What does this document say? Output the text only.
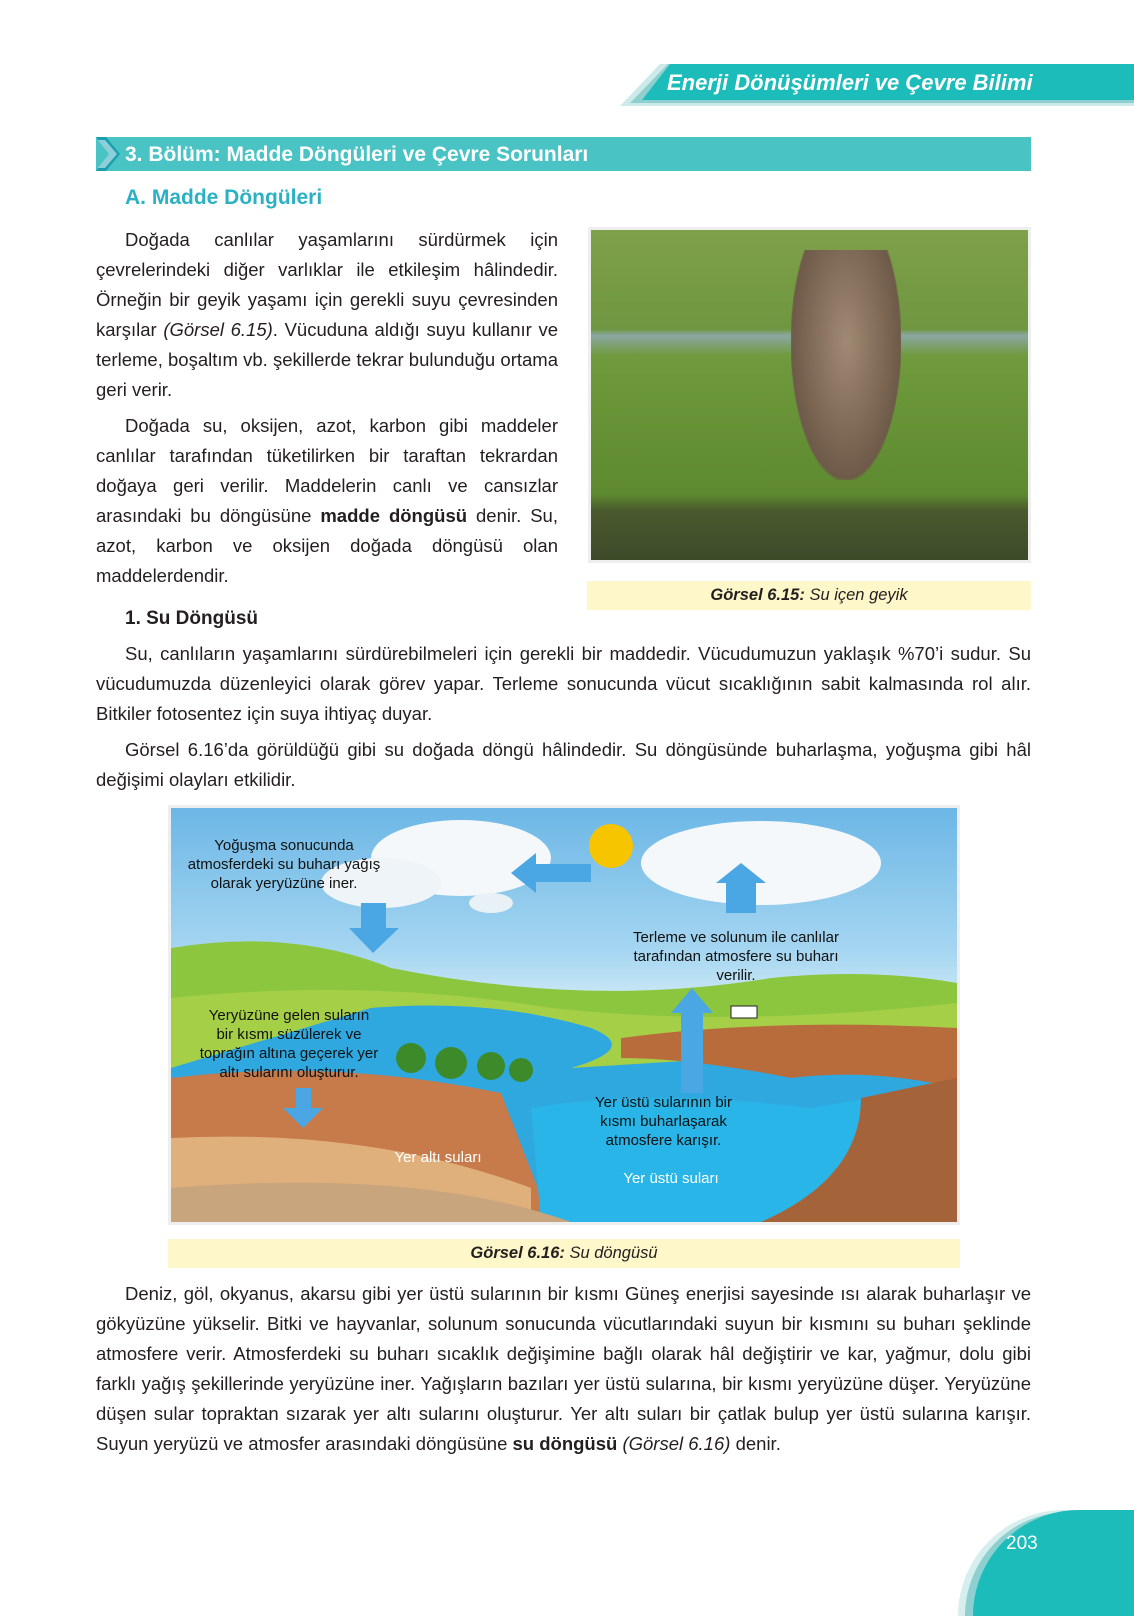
Enerji Dönüşümleri ve Çevre Bilimi
3. Bölüm: Madde Döngüleri ve Çevre Sorunları
A. Madde Döngüleri

Doğada canlılar yaşamlarını sürdürmek için çevrelerindeki diğer varlıklar ile etkileşim hâlindedir. Örneğin bir geyik yaşamı için gerekli suyu çevresinden karşılar (Görsel 6.15). Vücuduna aldığı suyu kullanır ve terleme, boşaltım vb. şekillerde tekrar bulunduğu ortama geri verir.

Doğada su, oksijen, azot, karbon gibi maddeler canlılar tarafından tüketilirken bir taraftan tekrardan doğaya geri verilir. Maddelerin canlı ve cansızlar arasındaki bu döngüsüne madde döngüsü denir. Su, azot, karbon ve oksijen doğada döngüsü olan maddelerdendir.

Görsel 6.15: Su içen geyik
1. Su Döngüsü

Su, canlıların yaşamlarını sürdürebilmeleri için gerekli bir maddedir. Vücudumuzun yaklaşık %70’i sudur. Su vücudumuzda düzenleyici olarak görev yapar. Terleme sonucunda vücut sıcaklığının sabit kalmasında rol alır. Bitkiler fotosentez için suya ihtiyaç duyar.

Görsel 6.16’da görüldüğü gibi su doğada döngü hâlindedir. Su döngüsünde buharlaşma, yoğuşma gibi hâl değişimi olayları etkilidir.

Yoğuşma sonucunda atmosferdeki su buharı yağış olarak yeryüzüne iner.
Terleme ve solunum ile canlılar tarafından atmosfere su buharı verilir.
Yeryüzüne gelen suların bir kısmı süzülerek ve toprağın altına geçerek yer altı sularını oluşturur.
Yer üstü sularının bir kısmı buharlaşarak atmosfere karışır.
Yer altı suları
Yer üstü suları
Görsel 6.16: Su döngüsü

Deniz, göl, okyanus, akarsu gibi yer üstü sularının bir kısmı Güneş enerjisi sayesinde ısı alarak buharlaşır ve gökyüzüne yükselir. Bitki ve hayvanlar, solunum sonucunda vücutlarındaki suyun bir kısmını su buharı şeklinde atmosfere verir. Atmosferdeki su buharı sıcaklık değişimine bağlı olarak hâl değiştirir ve kar, yağmur, dolu gibi farklı yağış şekillerinde yeryüzüne iner. Yağışların bazıları yer üstü sularına, bir kısmı yeryüzüne düşer. Yeryüzüne düşen sular topraktan sızarak yer altı sularını oluşturur. Yer altı suları bir çatlak bulup yer üstü sularına karışır. Suyun yeryüzü ve atmosfer arasındaki döngüsüne su döngüsü (Görsel 6.16) denir.

203
